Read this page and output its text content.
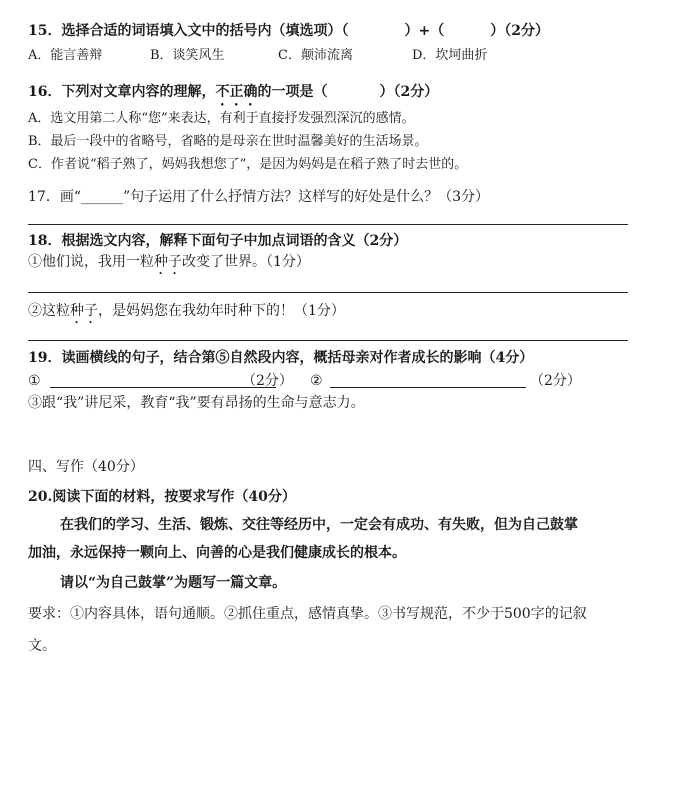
15．选择合适的词语填入文中的括号内（填选项）（	）+（	）（2分）
A．能言善辩	B．谈笑风生	C．颠沛流离	D．坎坷曲折
16．下列对文章内容的理解，不正确的一项是（	）（2分）
A．选文用第二人称“您”来表达，有利于直接抒发强烈深沉的感情。
B．最后一段中的省略号，省略的是母亲在世时温馨美好的生活场景。
C．作者说“稻子熟了，妈妈我想您了”，是因为妈妈是在稻子熟了时去世的。
17．画“______”句子运用了什么抒情方法？这样写的好处是什么？（3分）
18．根据选文内容，解释下面句子中加点词语的含义（2分）
①他们说，我用一粒种子改变了世界。（1分）
②这粒种子，是妈妈您在我幼年时种下的！（1分）
19．读画横线的句子，结合第⑤自然段内容，概括母亲对作者成长的影响（4分）
①	（2分） ②	（2分）
③跟“我”讲尼采，教育“我”要有昂扬的生命与意志力。
四、写作（40分）
20.阅读下面的材料，按要求写作（40分）
在我们的学习、生活、锻炼、交往等经历中，一定会有成功、有失败，但为自己鼓掌
加油，永远保持一颗向上、向善的心是我们健康成长的根本。
请以“为自己鼓掌”为题写一篇文章。
要求：①内容具体，语句通顺。②抓住重点，感情真挚。③书写规范，不少于500字的记叙
文。
